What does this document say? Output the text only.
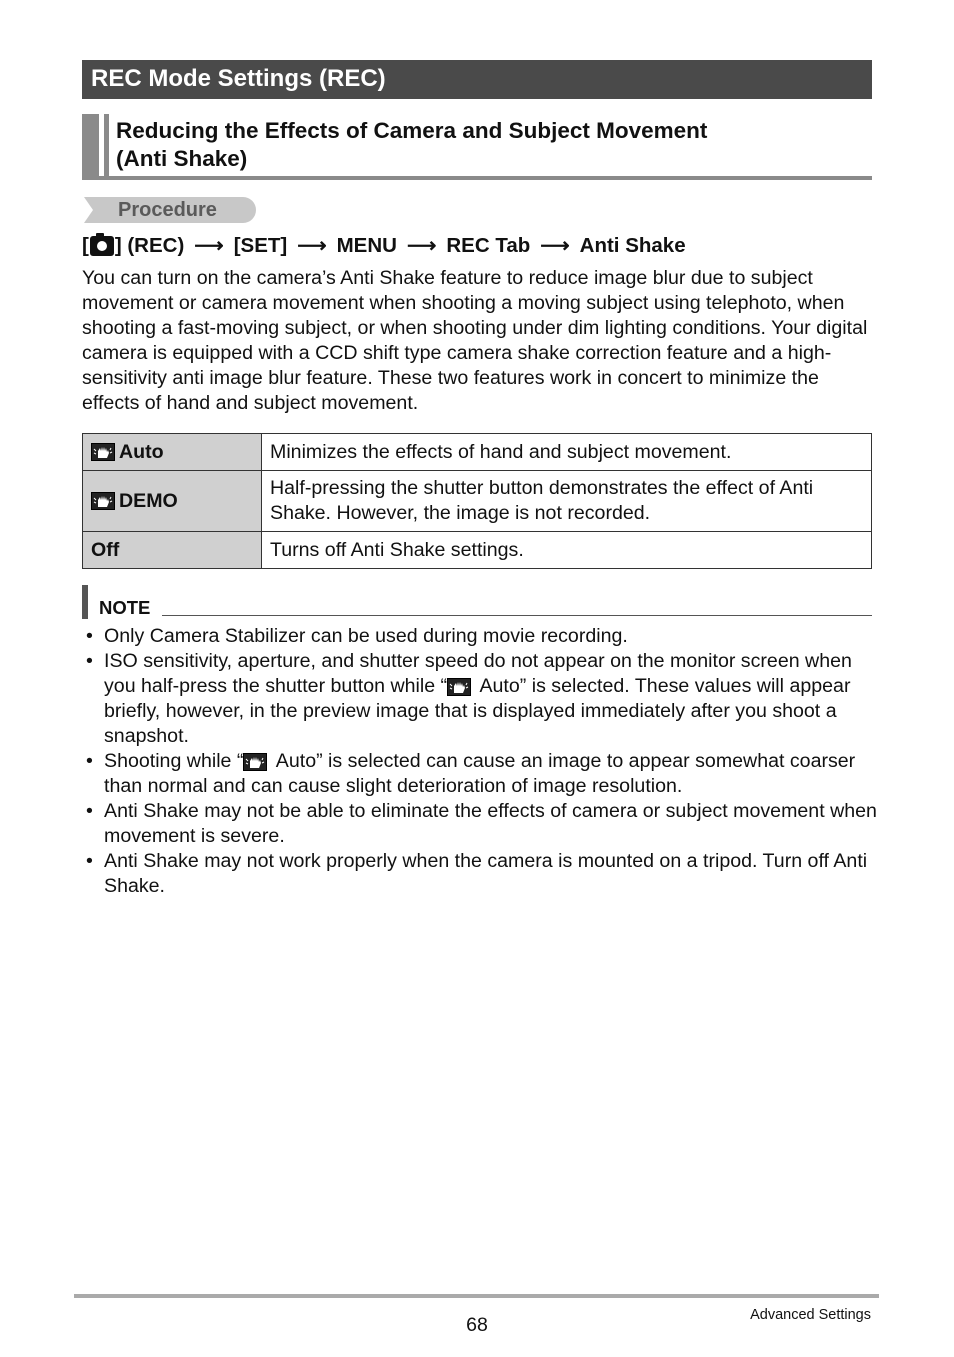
REC Mode Settings (REC)
Reducing the Effects of Camera and Subject Movement
(Anti Shake)
Procedure
[ ] (REC) ⟶ [SET] ⟶ MENU ⟶ REC Tab ⟶ Anti Shake

You can turn on the camera’s Anti Shake feature to reduce image blur due to subject movement or camera movement when shooting a moving subject using telephoto, when shooting a fast-moving subject, or when shooting under dim lighting conditions. Your digital camera is equipped with a CCD shift type camera shake correction feature and a high-sensitivity anti image blur feature. These two features work in concert to minimize the effects of hand and subject movement.

Auto	Minimizes the effects of hand and subject movement.

DEMO	Half-pressing the shutter button demonstrates the effect of Anti Shake. However, the image is not recorded.
Off	Turns off Anti Shake settings.
NOTE
• Only Camera Stabilizer can be used during movie recording.
• ISO sensitivity, aperture, and shutter speed do not appear on the monitor screen when you half-press the shutter button while “
Auto” is selected. These values will appear briefly, however, in the preview image that is displayed immediately after you shoot a snapshot.
• Shooting while “
Auto” is selected can cause an image to appear somewhat coarser than normal and can cause slight deterioration of image resolution.
• Anti Shake may not be able to eliminate the effects of camera or subject movement when movement is severe.
• Anti Shake may not work properly when the camera is mounted on a tripod. Turn off Anti Shake.
68	Advanced Settings
